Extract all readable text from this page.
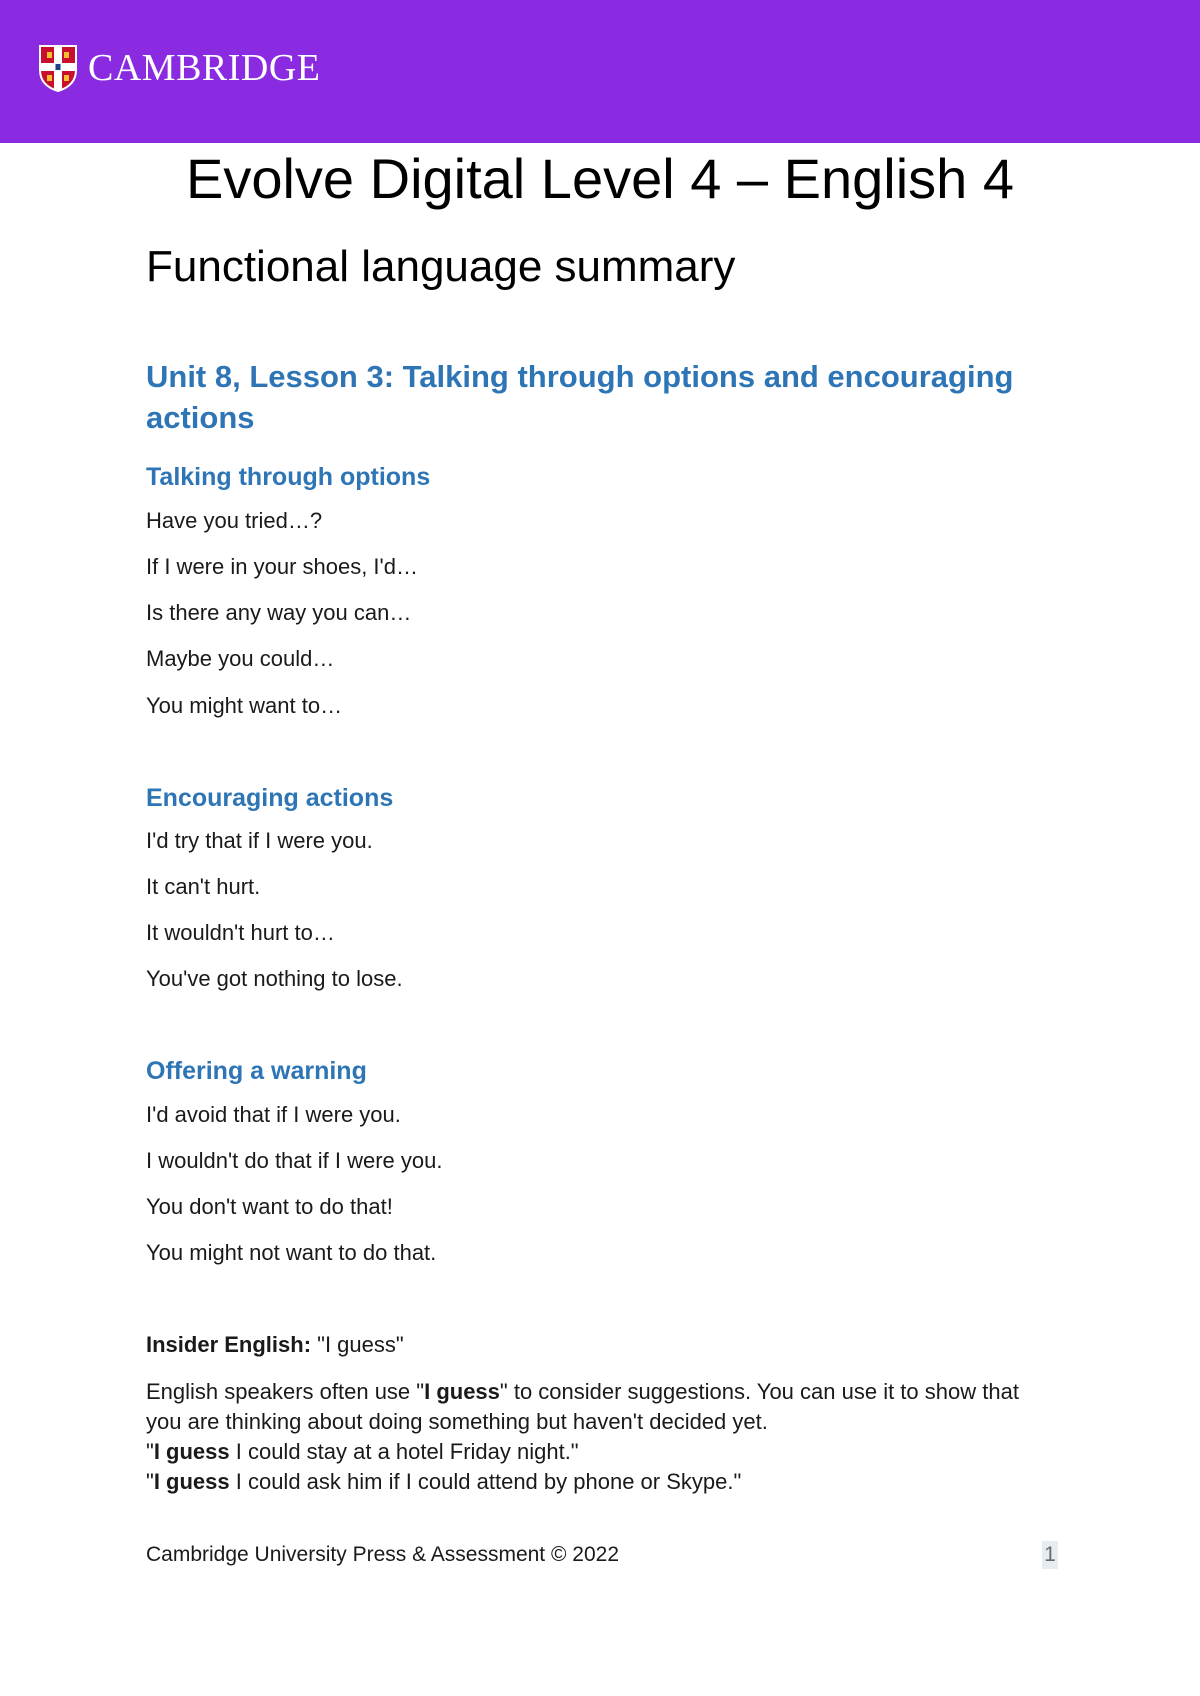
CAMBRIDGE
Evolve Digital Level 4 – English 4
Functional language summary
Unit 8, Lesson 3: Talking through options and encouraging actions
Talking through options

Have you tried…?

If I were in your shoes, I'd…

Is there any way you can…

Maybe you could…

You might want to…

Encouraging actions

I'd try that if I were you.

It can't hurt.

It wouldn't hurt to…

You've got nothing to lose.

Offering a warning

I'd avoid that if I were you.

I wouldn't do that if I were you.

You don't want to do that!

You might not want to do that.

Insider English: "I guess"

English speakers often use "I guess" to consider suggestions. You can use it to show that you are thinking about doing something but haven't decided yet.

"I guess I could stay at a hotel Friday night."

"I guess I could ask him if I could attend by phone or Skype."

Cambridge University Press & Assessment © 2022	1
